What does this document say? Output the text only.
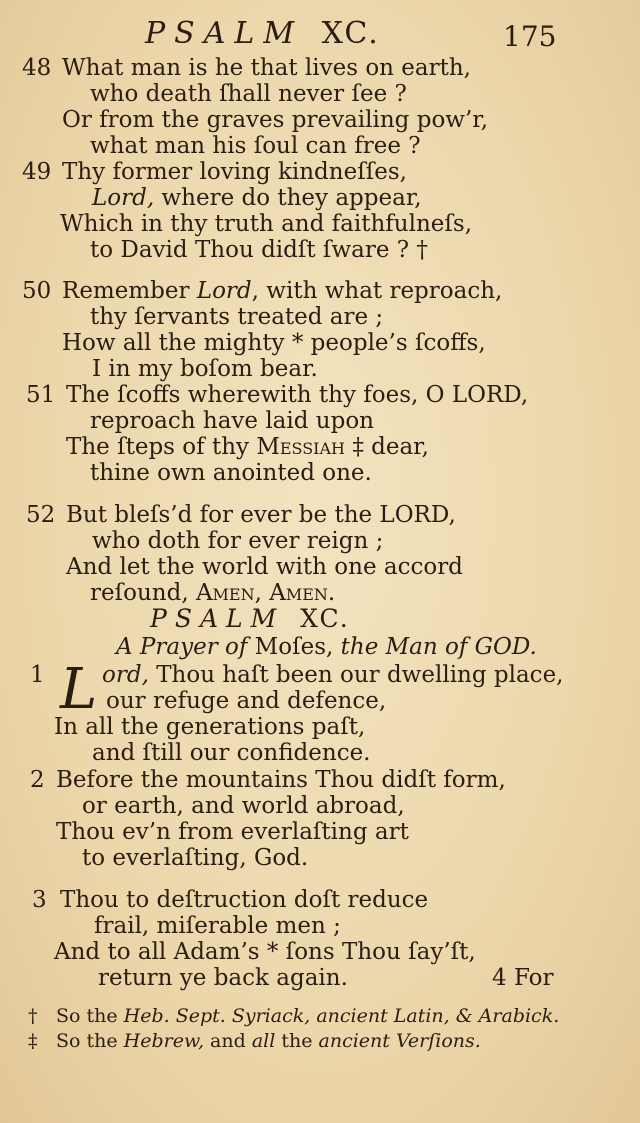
PSALM XC.	175
48 What man is he that lives on earth,
who death ſhall never ſee ?
Or from the graves prevailing pow’r,
what man his ſoul can free ?
49 Thy former loving kindneſſes,
Lord, where do they appear,
Which in thy truth and faithfulneſs,
to David Thou didſt ſware ? †
50 Remember Lord, with what reproach,
thy ſervants treated are ;
How all the mighty * people’s ſcoffs,
I in my boſom bear.
51 The ſcoffs wherewith thy foes, O LORD,
reproach have laid upon
The ſteps of thy Messiah ‡ dear,
thine own anointed one.
52 But bleſs’d for ever be the LORD,
who doth for ever reign ;
And let the world with one accord
reſound, Amen, Amen.
PSALM XC.
A Prayer of Moſes, the Man of GOD.
1 L ord, Thou haſt been our dwelling place,
our refuge and defence,
In all the generations paſt,
and ſtill our confidence.
2 Before the mountains Thou didſt form,
or earth, and world abroad,
Thou ev’n from everlaſting art
to everlaſting, God.
3 Thou to deſtruction doſt reduce
frail, miſerable men ;
And to all Adam’s * ſons Thou ſay’ſt,
return ye back again.	4 For
† So the Heb. Sept. Syriack, ancient Latin, & Arabick.
‡ So the Hebrew, and all the ancient Verſions.
